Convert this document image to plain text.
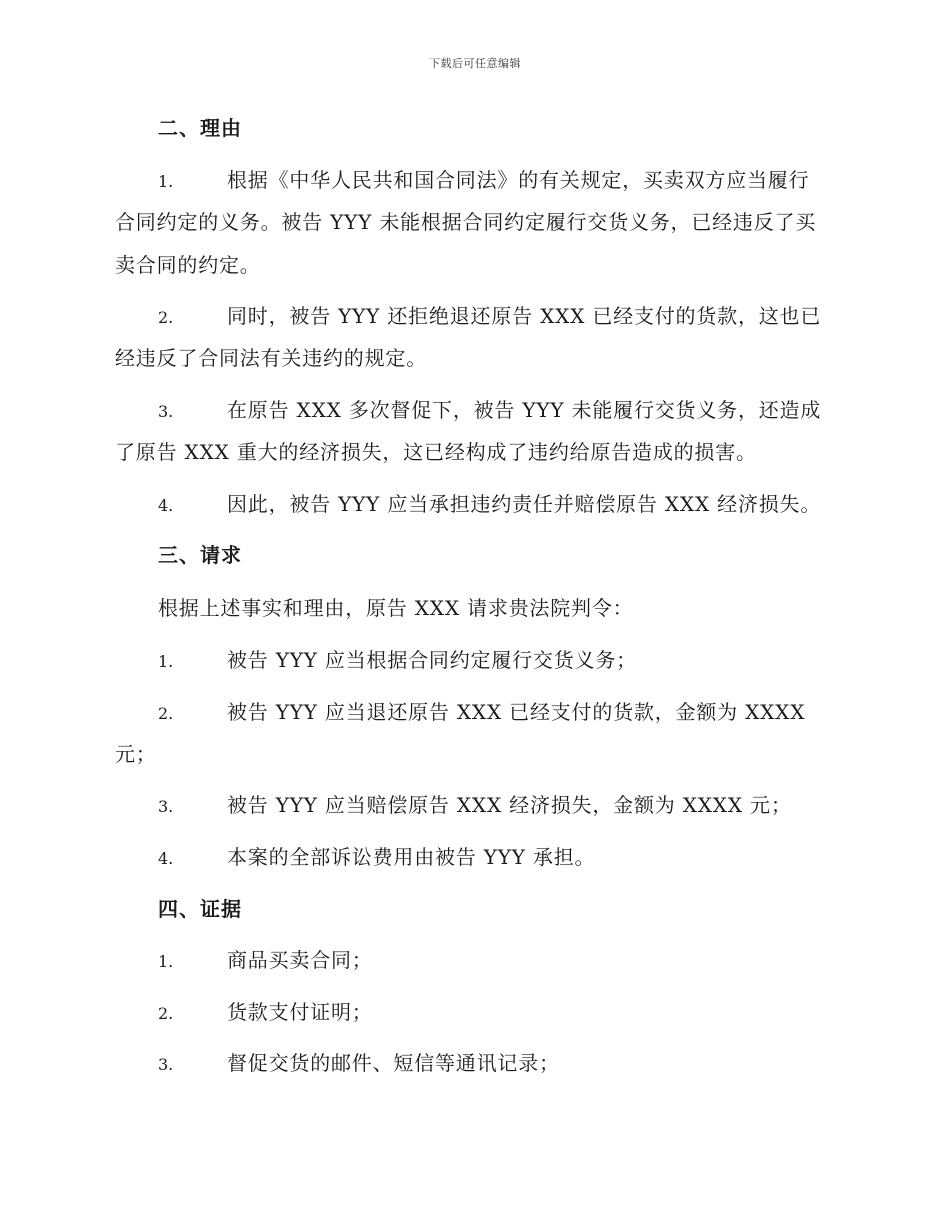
下载后可任意编辑
二、理由
1.	根据《中华人民共和国合同法》的有关规定，买卖双方应当履行
合同约定的义务。被告 YYY 未能根据合同约定履行交货义务，已经违反了买
卖合同的约定。
2.	同时，被告 YYY 还拒绝退还原告 XXX 已经支付的货款，这也已
经违反了合同法有关违约的规定。
3.	在原告 XXX 多次督促下，被告 YYY 未能履行交货义务，还造成
了原告 XXX 重大的经济损失，这已经构成了违约给原告造成的损害。
4.	因此，被告 YYY 应当承担违约责任并赔偿原告 XXX 经济损失。
三、请求
根据上述事实和理由，原告 XXX 请求贵法院判令：
1.	被告 YYY 应当根据合同约定履行交货义务；
2.	被告 YYY 应当退还原告 XXX 已经支付的货款，金额为 XXXX
元；
3.	被告 YYY 应当赔偿原告 XXX 经济损失，金额为 XXXX 元；
4.	本案的全部诉讼费用由被告 YYY 承担。
四、证据
1.	商品买卖合同；
2.	货款支付证明；
3.	督促交货的邮件、短信等通讯记录；
